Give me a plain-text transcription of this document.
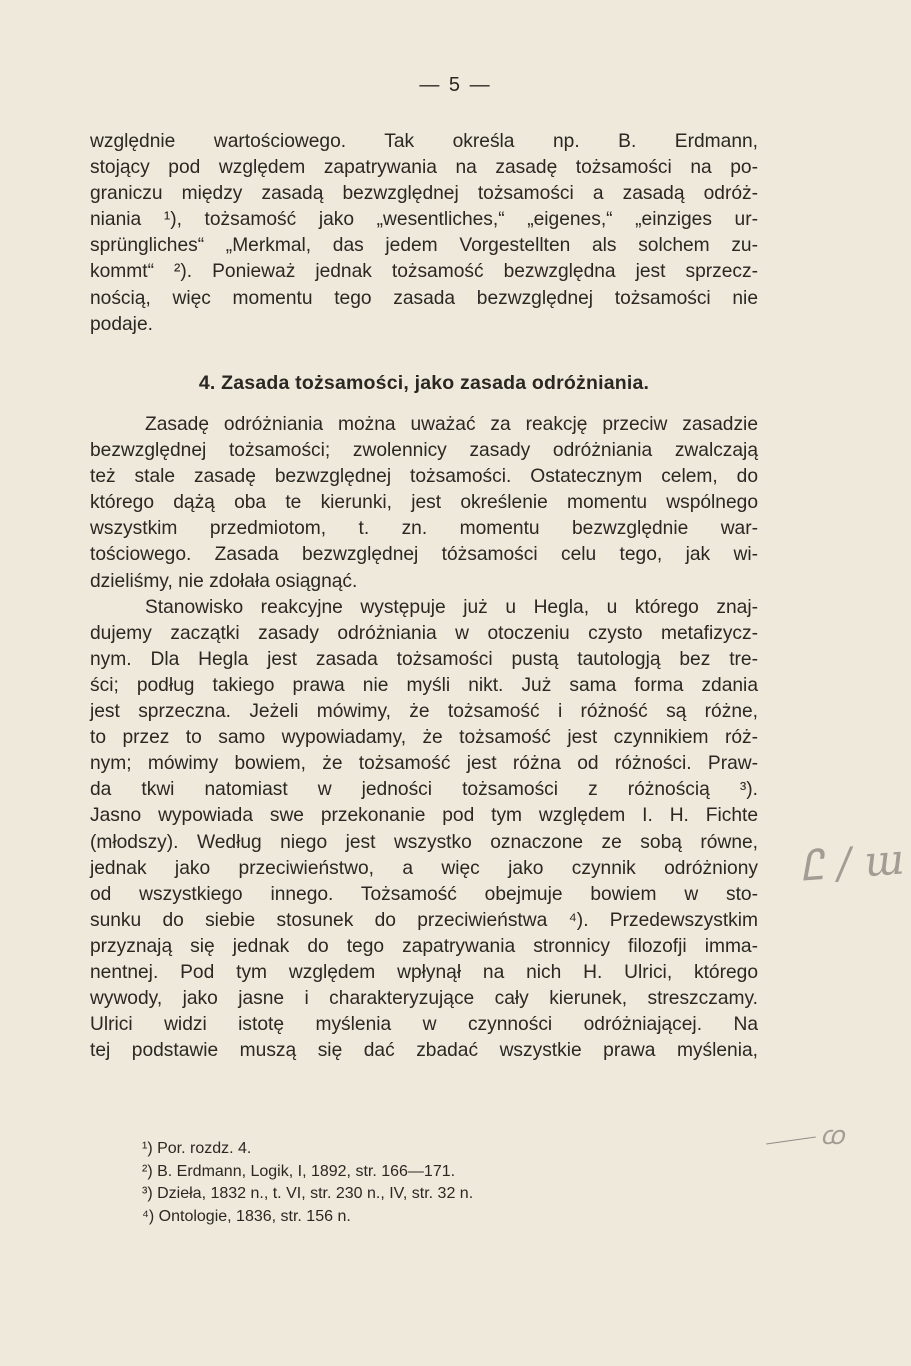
— 5 —
względnie wartościowego. Tak określa np. B. Erdmann,
stojący pod względem zapatrywania na zasadę tożsamości na po-
graniczu między zasadą bezwzględnej tożsamości a zasadą odróż-
niania ¹), tożsamość jako „wesentliches,“ „eigenes,“ „einziges ur-
sprüngliches“ „Merkmal, das jedem Vorgestellten als solchem zu-
kommt“ ²). Ponieważ jednak tożsamość bezwzględna jest sprzecz-
nością, więc momentu tego zasada bezwzględnej tożsamości nie
podaje.
4. Zasada tożsamości, jako zasada odróżniania.
Zasadę odróżniania można uważać za reakcję przeciw zasadzie
bezwzględnej tożsamości; zwolennicy zasady odróżniania zwalczają
też stale zasadę bezwzględnej tożsamości. Ostatecznym celem, do
którego dążą oba te kierunki, jest określenie momentu wspólnego
wszystkim przedmiotom, t. zn. momentu bezwzględnie war-
tościowego. Zasada bezwzględnej tóżsamości celu tego, jak wi-
dzieliśmy, nie zdołała osiągnąć.
Stanowisko reakcyjne występuje już u Hegla, u którego znaj-
dujemy zaczątki zasady odróżniania w otoczeniu czysto metafizycz-
nym. Dla Hegla jest zasada tożsamości pustą tautologją bez tre-
ści; podług takiego prawa nie myśli nikt. Już sama forma zdania
jest sprzeczna. Jeżeli mówimy, że tożsamość i różność są różne,
to przez to samo wypowiadamy, że tożsamość jest czynnikiem róż-
nym; mówimy bowiem, że tożsamość jest różna od różności. Praw-
da tkwi natomiast w jedności tożsamości z różnością ³).
Jasno wypowiada swe przekonanie pod tym względem I. H. Fichte
(młodszy). Według niego jest wszystko oznaczone ze sobą równe,
jednak jako przeciwieństwo, a więc jako czynnik odróżniony
od wszystkiego innego. Tożsamość obejmuje bowiem w sto-
sunku do siebie stosunek do przeciwieństwa ⁴). Przedewszystkim
przyznają się jednak do tego zapatrywania stronnicy filozofji imma-
nentnej. Pod tym względem wpłynął na nich H. Ulrici, którego
wywody, jako jasne i charakteryzujące cały kierunek, streszczamy.
Ulrici widzi istotę myślenia w czynności odróżniającej. Na
tej podstawie muszą się dać zbadać wszystkie prawa myślenia,
¹) Por. rozdz. 4.
²) B. Erdmann, Logik, I, 1892, str. 166—171.
³) Dzieła, 1832 n., t. VI, str. 230 n., IV, str. 32 n.
⁴) Ontologie, 1836, str. 156 n.
Ꮭ / ɯ
ꭃ
